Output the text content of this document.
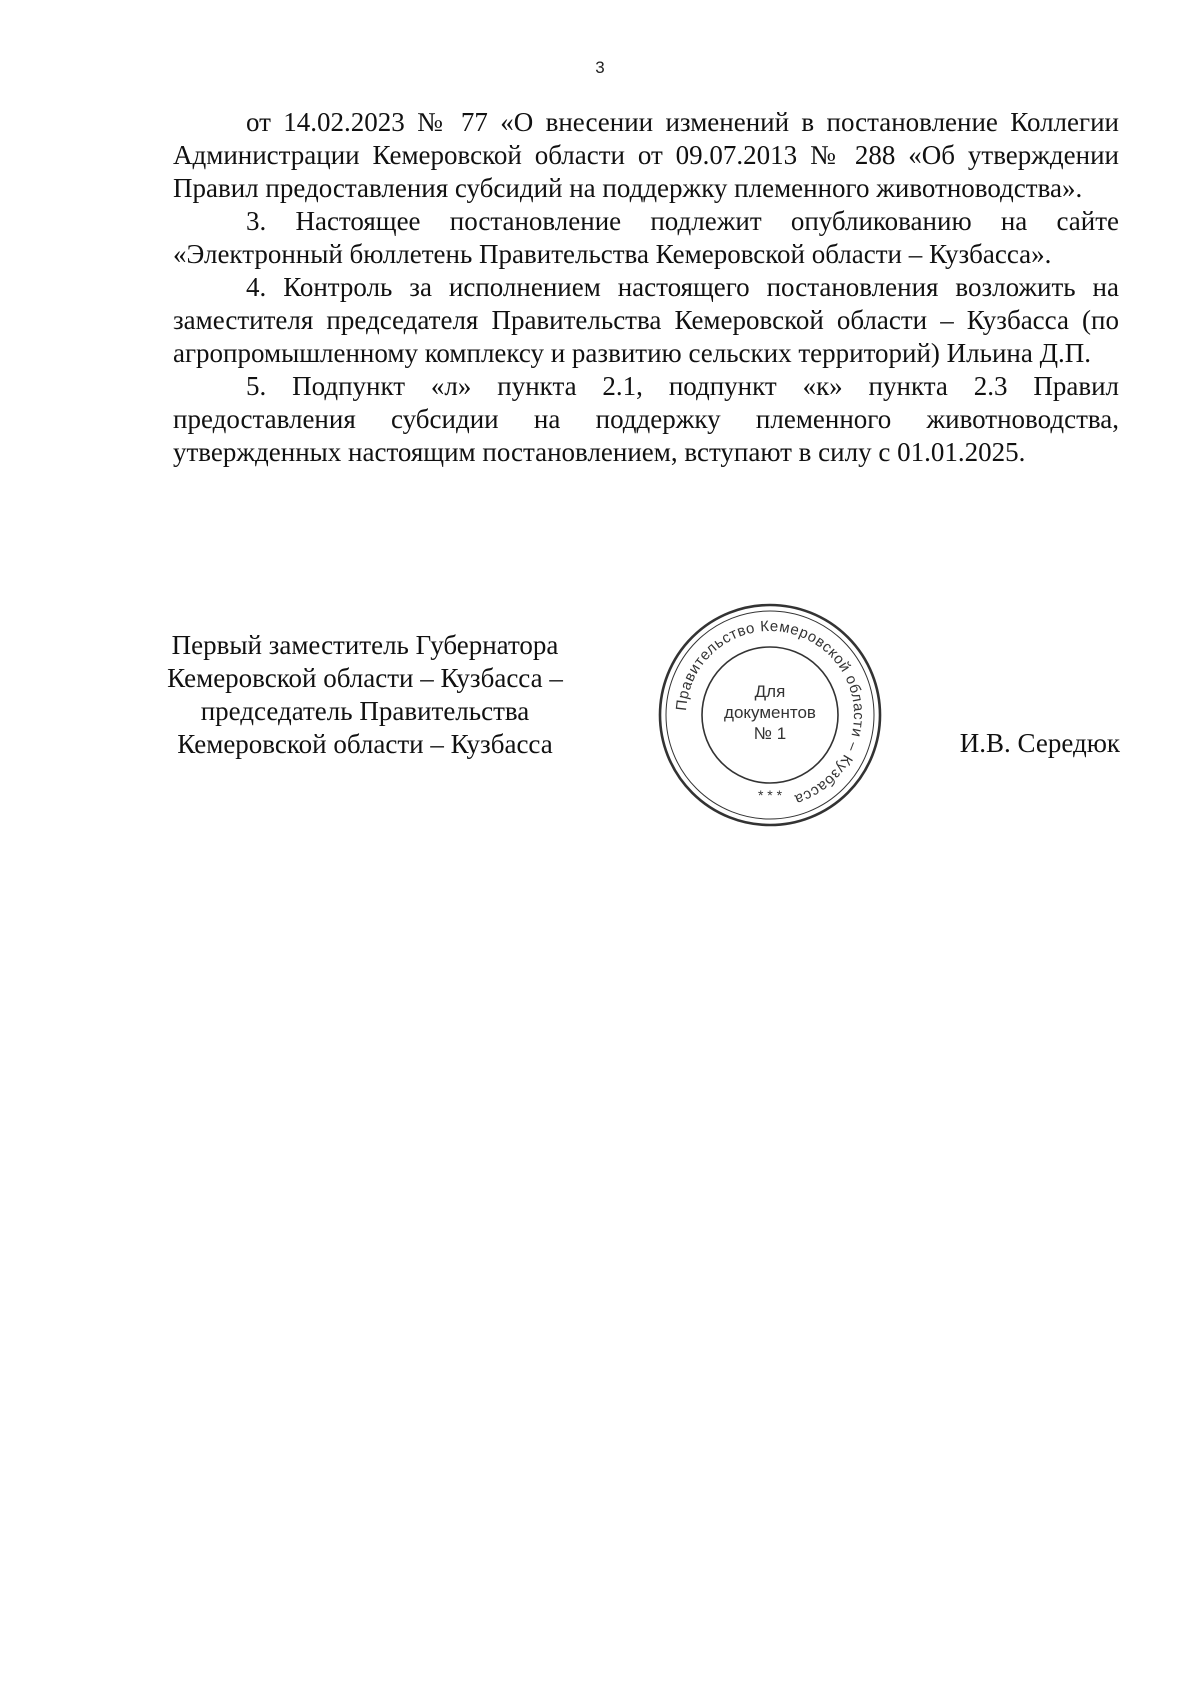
3

от 14.02.2023 № 77 «О внесении изменений в постановление Коллегии Администрации Кемеровской области от 09.07.2013 № 288 «Об утверждении Правил предоставления субсидий на поддержку племенного животноводства».

3. Настоящее постановление подлежит опубликованию на сайте «Электронный бюллетень Правительства Кемеровской области – Кузбасса».

4. Контроль за исполнением настоящего постановления возложить на заместителя председателя Правительства Кемеровской области – Кузбасса (по агропромышленному комплексу и развитию сельских территорий) Ильина Д.П.

5. Подпункт «л» пункта 2.1, подпункт «к» пункта 2.3 Правил предоставления субсидии на поддержку племенного животноводства, утвержденных настоящим постановлением, вступают в силу с 01.01.2025.

Первый заместитель Губернатора
Кемеровской области – Кузбасса –
председатель Правительства
Кемеровской области – Кузбасса
Правительство Кемеровской области – Кузбасса
Для
документов
№ 1
* * *
И.В. Середюк
